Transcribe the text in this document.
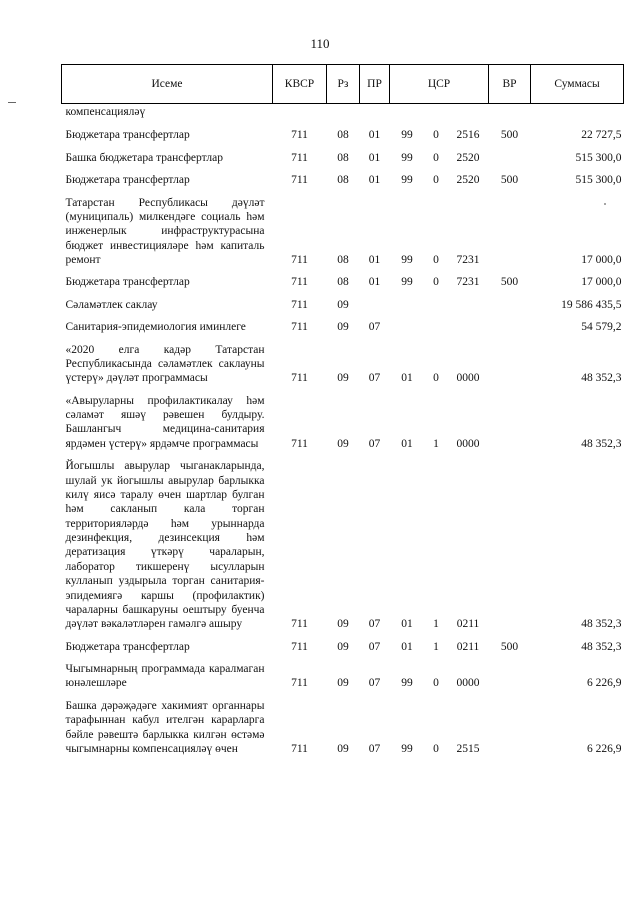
110
Исеме	КВСР	Рз	ПР	ЦСР			ВР	Суммасы
компенсацияләү								
Бюджетара трансфертлар	711	08	01	99	0	2516	500	22 727,5
Башка бюджетара трансфертлар	711	08	01	99	0	2520		515 300,0
Бюджетара трансфертлар	711	08	01	99	0	2520	500	515 300,0
Татарстан Республикасы дәүләт (муниципаль) милкендәге социаль һәм инженерлык инфраструктурасына бюджет инвестицияләре һәм капиталь ремонт	711	08	01	99	0	7231		17 000,0
Бюджетара трансфертлар	711	08	01	99	0	7231	500	17 000,0
Сәламәтлек саклау	711	09						19 586 435,5
Санитария-эпидемиология иминлеге	711	09	07					54 579,2
«2020 елга кадәр Татарстан Республикасында сәламәтлек саклауны үстерү» дәүләт программасы	711	09	07	01	0	0000		48 352,3
«Авыруларны профилактикалау һәм сәламәт яшәү рәвешен булдыру. Башлангыч медицина-санитария ярдәмен үстерү» ярдәмче программасы	711	09	07	01	1	0000		48 352,3
Йогышлы авырулар чыганакларында, шулай ук йогышлы авырулар барлыкка килү яисә таралу өчен шартлар булган һәм сакланып кала торган территорияләрдә һәм урыннарда дезинфекция, дезинсекция һәм дератизация үткәрү чараларын, лаборатор тикшеренү ысулларын кулланып уздырыла торган санитария-эпидемиягә каршы (профилактик) чараларны башкаруны оештыру буенча дәүләт вәкаләтләрен гамәлгә ашыру	711	09	07	01	1	0211		48 352,3
Бюджетара трансфертлар	711	09	07	01	1	0211	500	48 352,3
Чыгымнарның программада каралмаган юнәлешләре	711	09	07	99	0	0000		6 226,9
Башка дәрәҗәдәге хакимият органнары тарафыннан кабул ителгән карарларга бәйле рәвештә барлыкка килгән өстәмә чыгымнарны компенсацияләү өчен	711	09	07	99	0	2515		6 226,9
